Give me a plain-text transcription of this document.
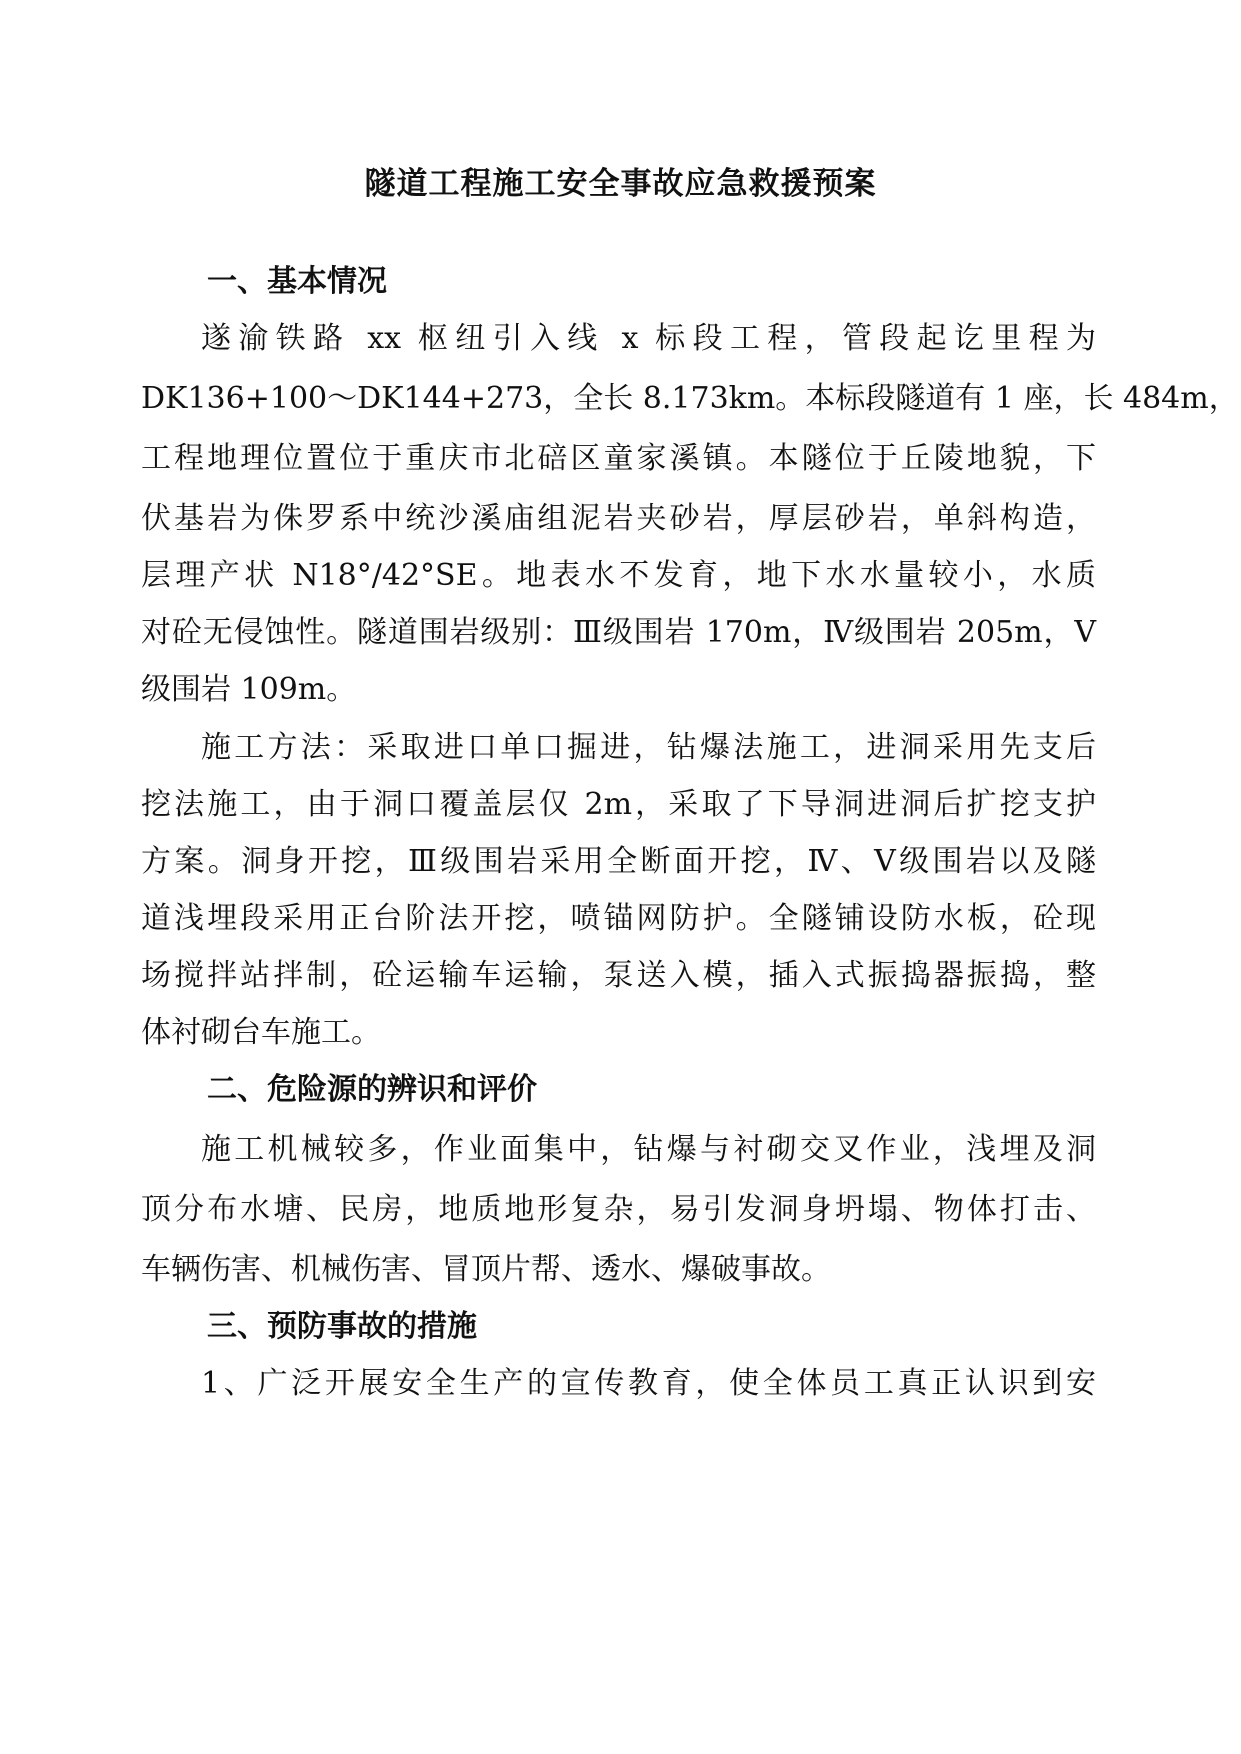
隧道工程施工安全事故应急救援预案
一、基本情况
遂渝铁路 xx 枢纽引入线 x 标段工程，管段起讫里程为
DK136+100～DK144+273，全长 8.173km。本标段隧道有 1 座，长 484m，
工程地理位置位于重庆市北碚区童家溪镇。本隧位于丘陵地貌，下
伏基岩为侏罗系中统沙溪庙组泥岩夹砂岩，厚层砂岩，单斜构造，
层理产状 N18°/42°SE。地表水不发育，地下水水量较小，水质
对砼无侵蚀性。隧道围岩级别：Ⅲ级围岩 170m，Ⅳ级围岩 205m，Ⅴ
级围岩 109m。
施工方法：采取进口单口掘进，钻爆法施工，进洞采用先支后
挖法施工，由于洞口覆盖层仅 2m，采取了下导洞进洞后扩挖支护
方案。洞身开挖，Ⅲ级围岩采用全断面开挖，Ⅳ、Ⅴ级围岩以及隧
道浅埋段采用正台阶法开挖，喷锚网防护。全隧铺设防水板，砼现
场搅拌站拌制，砼运输车运输，泵送入模，插入式振捣器振捣，整
体衬砌台车施工。
二、危险源的辨识和评价
施工机械较多，作业面集中，钻爆与衬砌交叉作业，浅埋及洞
顶分布水塘、民房，地质地形复杂，易引发洞身坍塌、物体打击、
车辆伤害、机械伤害、冒顶片帮、透水、爆破事故。
三、预防事故的措施
1、广泛开展安全生产的宣传教育，使全体员工真正认识到安
